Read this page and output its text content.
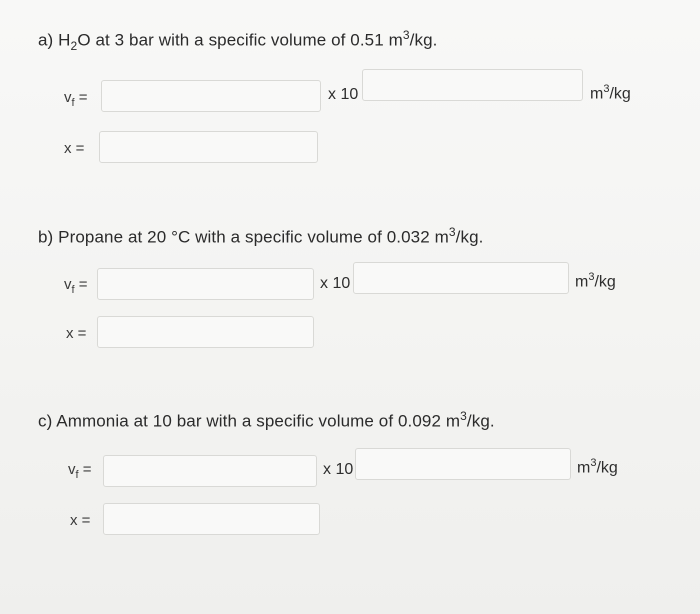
a) $H_2O$ at 3 bar with a specific volume of 0.51 $m^3/kg$.
$v_f$ =	x 10	$m^3/kg$
x =
b) Propane at 20 °C with a specific volume of 0.032 $m^3/kg$.
$v_f$ =	x 10	$m^3/kg$
x =
c) Ammonia at 10 bar with a specific volume of 0.092 $m^3/kg$.
$v_f$ =	x 10	$m^3/kg$
x =
